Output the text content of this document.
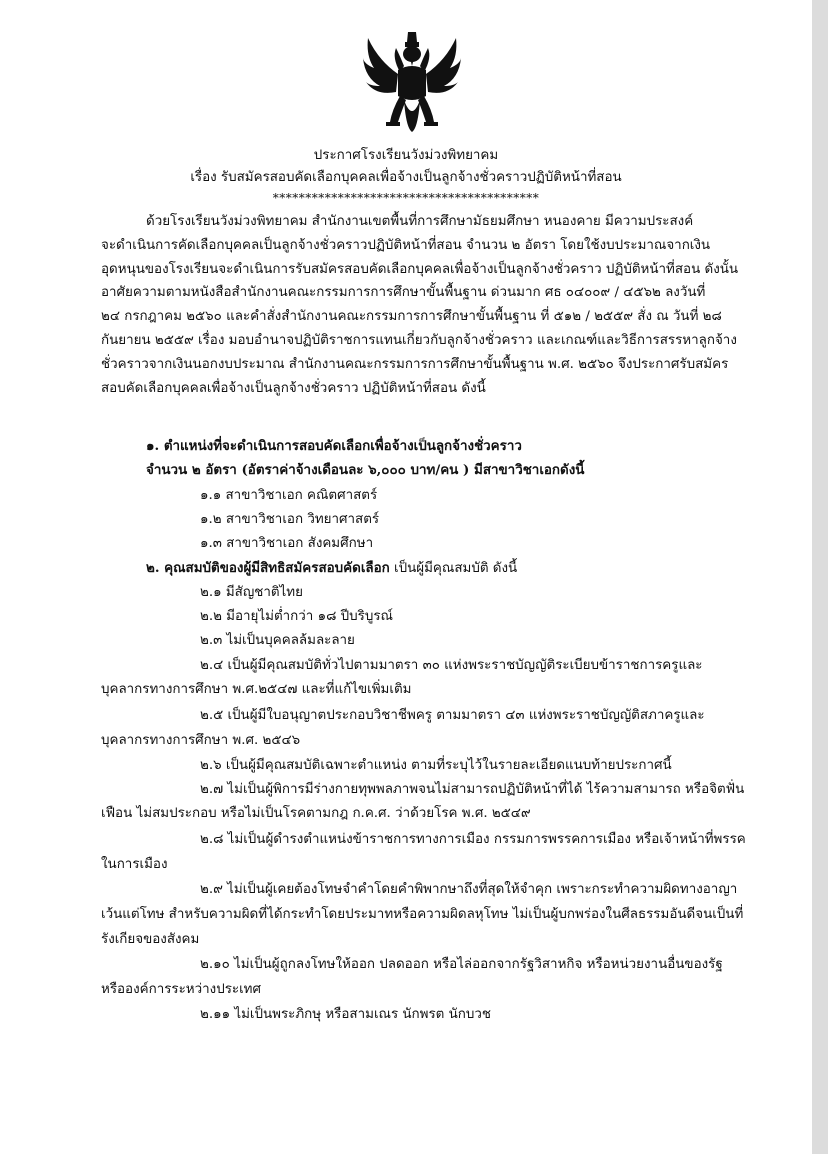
ประกาศโรงเรียนวังม่วงพิทยาคม
เรื่อง รับสมัครสอบคัดเลือกบุคคลเพื่อจ้างเป็นลูกจ้างชั่วคราวปฏิบัติหน้าที่สอน
*****************************************
ด้วยโรงเรียนวังม่วงพิทยาคม สำนักงานเขตพื้นที่การศึกษามัธยมศึกษา หนองคาย มีความประสงค์
จะดำเนินการคัดเลือกบุคคลเป็นลูกจ้างชั่วคราวปฏิบัติหน้าที่สอน จำนวน ๒ อัตรา โดยใช้งบประมาณจากเงิน
อุดหนุนของโรงเรียนจะดำเนินการรับสมัครสอบคัดเลือกบุคคลเพื่อจ้างเป็นลูกจ้างชั่วคราว ปฏิบัติหน้าที่สอน ดังนั้น
อาศัยความตามหนังสือสำนักงานคณะกรรมการการศึกษาขั้นพื้นฐาน ด่วนมาก ศธ ๐๔๐๐๙ / ๔๕๖๒ ลงวันที่
๒๔ กรกฎาคม ๒๕๖๐ และคำสั่งสำนักงานคณะกรรมการการศึกษาขั้นพื้นฐาน ที่ ๕๑๒ / ๒๕๕๙ สั่ง ณ วันที่ ๒๘
กันยายน ๒๕๕๙ เรื่อง มอบอำนาจปฏิบัติราชการแทนเกี่ยวกับลูกจ้างชั่วคราว และเกณฑ์และวิธีการสรรหาลูกจ้าง
ชั่วคราวจากเงินนอกงบประมาณ สำนักงานคณะกรรมการการศึกษาขั้นพื้นฐาน พ.ศ. ๒๕๖๐ จึงประกาศรับสมัคร
สอบคัดเลือกบุคคลเพื่อจ้างเป็นลูกจ้างชั่วคราว ปฏิบัติหน้าที่สอน ดังนี้
๑. ตำแหน่งที่จะดำเนินการสอบคัดเลือกเพื่อจ้างเป็นลูกจ้างชั่วคราว
จำนวน ๒ อัตรา (อัตราค่าจ้างเดือนละ ๖,๐๐๐ บาท/คน ) มีสาขาวิชาเอกดังนี้
๑.๑ สาขาวิชาเอก คณิตศาสตร์
๑.๒ สาขาวิชาเอก วิทยาศาสตร์
๑.๓ สาขาวิชาเอก สังคมศึกษา
๒. คุณสมบัติของผู้มีสิทธิสมัครสอบคัดเลือก เป็นผู้มีคุณสมบัติ ดังนี้
๒.๑ มีสัญชาติไทย
๒.๒ มีอายุไม่ต่ำกว่า ๑๘ ปีบริบูรณ์
๒.๓ ไม่เป็นบุคคลล้มละลาย
๒.๔ เป็นผู้มีคุณสมบัติทั่วไปตามมาตรา ๓๐ แห่งพระราชบัญญัติระเบียบข้าราชการครูและ
บุคลากรทางการศึกษา พ.ศ.๒๕๔๗ และที่แก้ไขเพิ่มเติม
๒.๕ เป็นผู้มีใบอนุญาตประกอบวิชาชีพครู ตามมาตรา ๔๓ แห่งพระราชบัญญัติสภาครูและ
บุคลากรทางการศึกษา พ.ศ. ๒๕๔๖
๒.๖ เป็นผู้มีคุณสมบัติเฉพาะตำแหน่ง ตามที่ระบุไว้ในรายละเอียดแนบท้ายประกาศนี้
๒.๗ ไม่เป็นผู้พิการมีร่างกายทุพพลภาพจนไม่สามารถปฏิบัติหน้าที่ได้ ไร้ความสามารถ หรือจิตฟั่น
เฟือน ไม่สมประกอบ หรือไม่เป็นโรคตามกฎ ก.ค.ศ. ว่าด้วยโรค พ.ศ. ๒๕๔๙
๒.๘ ไม่เป็นผู้ดำรงตำแหน่งข้าราชการทางการเมือง กรรมการพรรคการเมือง หรือเจ้าหน้าที่พรรค
ในการเมือง
๒.๙ ไม่เป็นผู้เคยต้องโทษจำคำโดยคำพิพากษาถึงที่สุดให้จำคุก เพราะกระทำความผิดทางอาญา
เว้นแต่โทษ สำหรับความผิดที่ได้กระทำโดยประมาทหรือความผิดลหุโทษ ไม่เป็นผู้บกพร่องในศีลธรรมอันดีจนเป็นที่
รังเกียจของสังคม
๒.๑๐ ไม่เป็นผู้ถูกลงโทษให้ออก ปลดออก หรือไล่ออกจากรัฐวิสาหกิจ หรือหน่วยงานอื่นของรัฐ
หรือองค์การระหว่างประเทศ
๒.๑๑ ไม่เป็นพระภิกษุ หรือสามเณร นักพรต นักบวช
